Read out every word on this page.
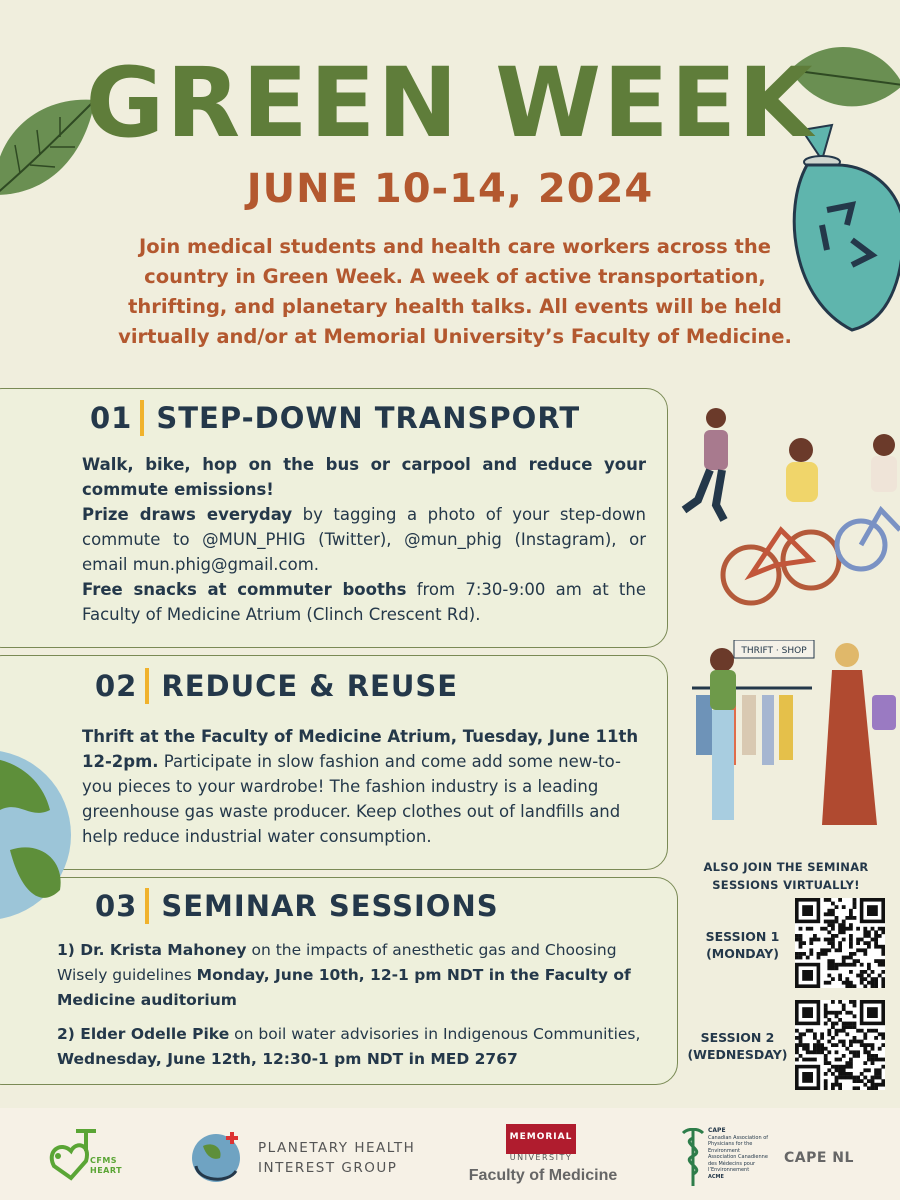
GREEN WEEK
JUNE 10-14, 2024
Join medical students and health care workers across the country in Green Week. A week of active transportation, thrifting, and planetary health talks. All events will be held virtually and/or at Memorial University’s Faculty of Medicine.
01 STEP-DOWN TRANSPORT
Walk, bike, hop on the bus or carpool and reduce your commute emissions!
Prize draws everyday by tagging a photo of your step-down commute to @MUN_PHIG (Twitter), @mun_phig (Instagram), or email mun.phig@gmail.com.
Free snacks at commuter booths from 7:30-9:00 am at the Faculty of Medicine Atrium (Clinch Crescent Rd).
02 REDUCE & REUSE
Thrift at the Faculty of Medicine Atrium, Tuesday, June 11th 12-2pm. Participate in slow fashion and come add some new-to-you pieces to your wardrobe! The fashion industry is a leading greenhouse gas waste producer. Keep clothes out of landfills and help reduce industrial water consumption.
03 SEMINAR SESSIONS
1) Dr. Krista Mahoney on the impacts of anesthetic gas and Choosing Wisely guidelines Monday, June 10th, 12-1 pm NDT in the Faculty of Medicine auditorium
2) Elder Odelle Pike on boil water advisories in Indigenous Communities, Wednesday, June 12th, 12:30-1 pm NDT in MED 2767
THRIFT · SHOP
ALSO JOIN THE SEMINAR SESSIONS VIRTUALLY!
SESSION 1
(MONDAY)
SESSION 2
(WEDNESDAY)
CFMS
HEART
PLANETARY HEALTH
INTEREST GROUP
MEMORIAL
UNIVERSITY
Faculty of Medicine
CAPE
Canadian Association of Physicians for the Environment
Association Canadienne des Médecins pour l’Environnement
ACME
CAPE NL
